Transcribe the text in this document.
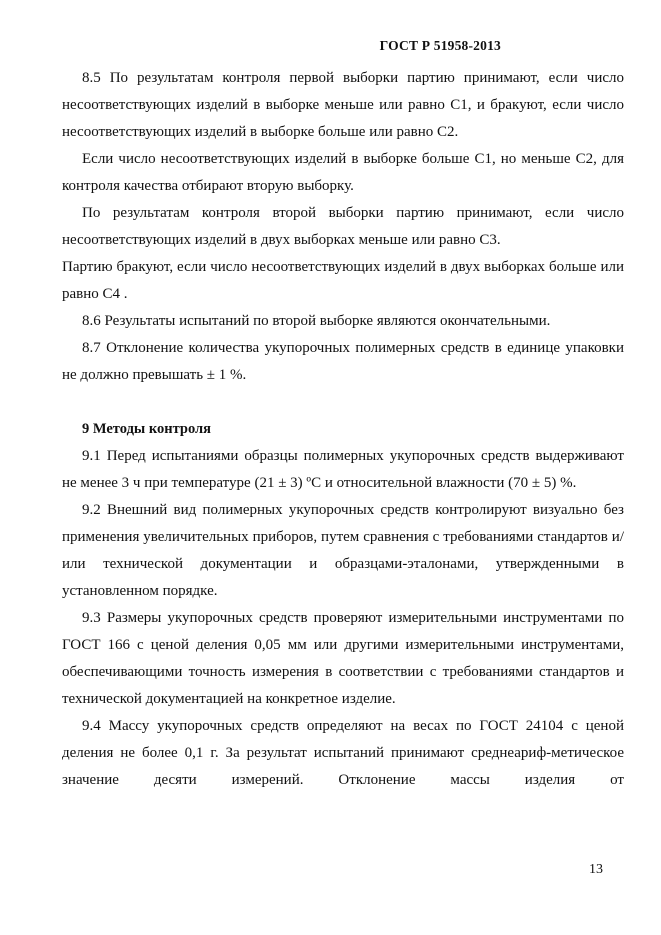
ГОСТ Р 51958-2013

8.5 По результатам контроля первой выборки партию принимают, если число несоответствующих изделий в выборке меньше или равно С1, и бракуют, если число несоответствующих изделий в выборке больше или равно С2.

Если число несоответствующих изделий в выборке больше С1, но меньше С2, для контроля качества отбирают вторую выборку.

По результатам контроля второй выборки партию принимают, если число несоответствующих изделий в двух выборках меньше или равно С3.

Партию бракуют, если число несоответствующих изделий в двух выборках больше или равно С4 .

8.6 Результаты испытаний по второй выборке являются окончательными.

8.7 Отклонение количества укупорочных полимерных средств в единице упаковки не должно превышать ± 1 %.

9 Методы контроля

9.1 Перед испытаниями образцы полимерных укупорочных средств выдерживают не менее 3 ч при температуре (21 ± 3) ºС и относительной влажности (70 ± 5) %.

9.2 Внешний вид полимерных укупорочных средств контролируют визуально без применения увеличительных приборов, путем сравнения с требованиями стандартов и/или технической документации и образцами-эталонами, утвержденными в установленном порядке.

9.3 Размеры укупорочных средств проверяют измерительными инструментами по ГОСТ 166 с ценой деления 0,05 мм или другими измерительными инструментами, обеспечивающими точность измерения в соответствии с требованиями стандартов и технической документацией на конкретное изделие.

9.4 Массу укупорочных средств определяют на весах по ГОСТ 24104 с ценой деления не более 0,1 г. За результат испытаний принимают среднеариф-метическое значение десяти измерений. Отклонение массы изделия от

13
